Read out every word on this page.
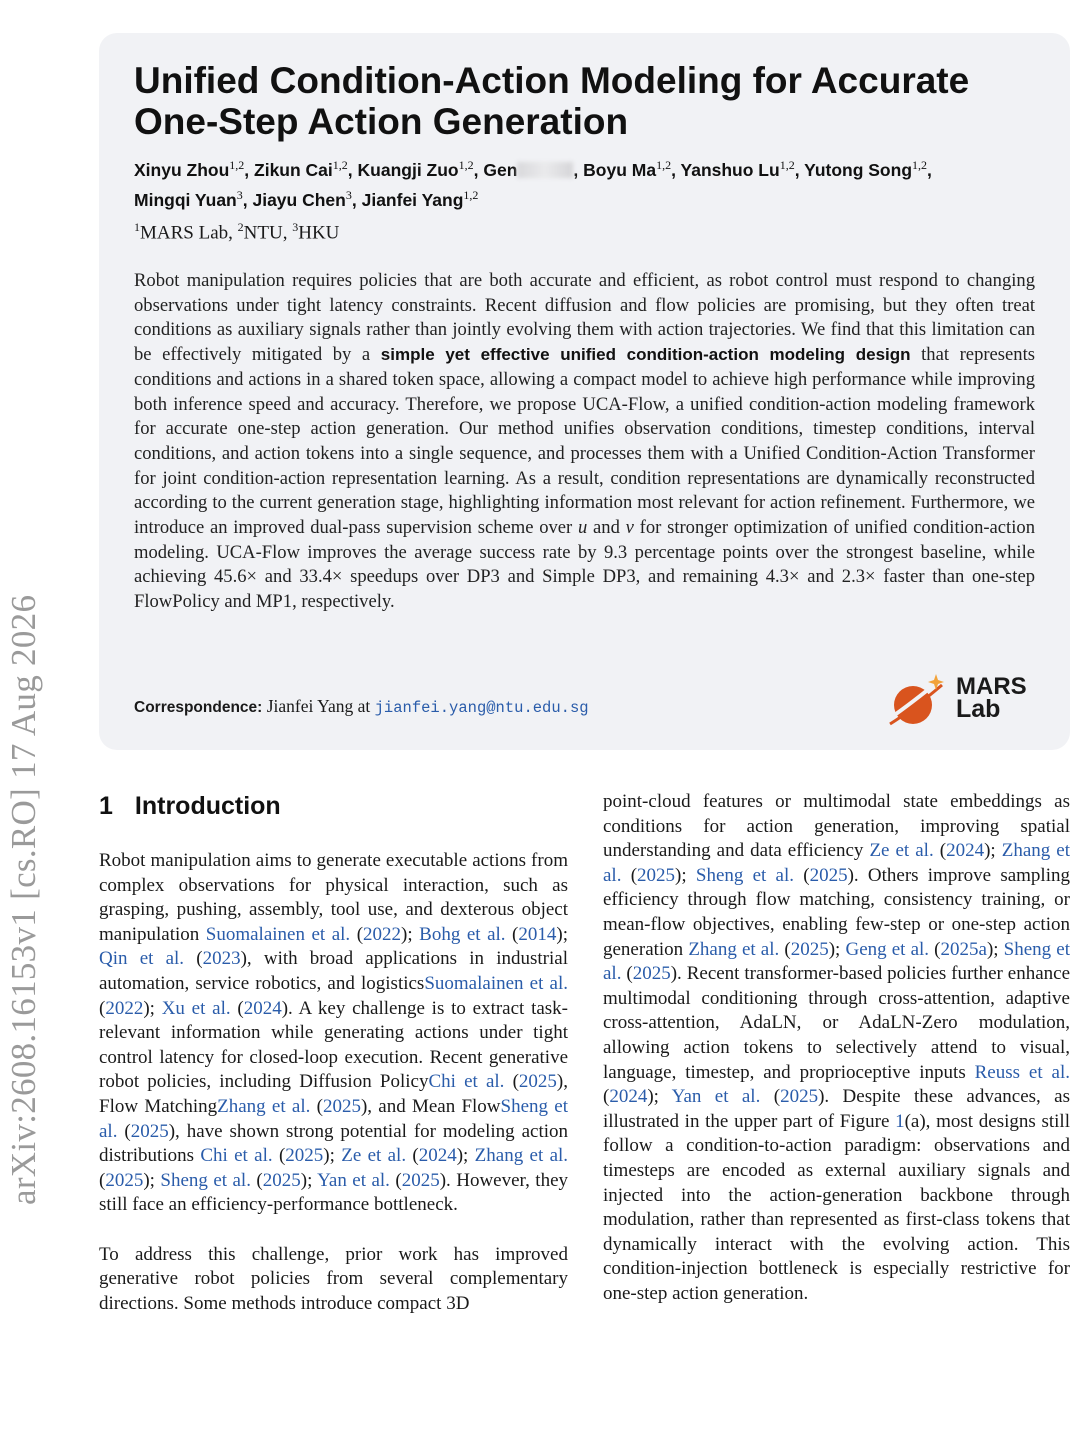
arXiv:2608.16153v1 [cs.RO] 17 Aug 2026
Unified Condition-Action Modeling for Accurate
One-Step Action Generation
Xinyu Zhou$^{1,2}$, Zikun Cai$^{1,2}$, Kuangji Zuo$^{1,2}$, Gen	, Boyu Ma$^{1,2}$, Yanshuo Lu$^{1,2}$, Yutong Song$^{1,2}$,
Mingqi Yuan$^3$, Jiayu Chen$^3$, Jianfei Yang$^{1,2}$
$^1$MARS Lab, $^2$NTU, $^3$HKU
Robot manipulation requires policies that are both accurate and efficient, as robot control must respond to changing observations under tight latency constraints. Recent diffusion and flow policies are promising, but they often treat conditions as auxiliary signals rather than jointly evolving them with action trajectories. We find that this limitation can be effectively mitigated by a simple yet effective unified condition-action modeling design that represents conditions and actions in a shared token space, allowing a compact model to achieve high performance while improving both inference speed and accuracy. Therefore, we propose UCA-Flow, a unified condition-action modeling framework for accurate one-step action generation. Our method unifies observation conditions, timestep conditions, interval conditions, and action tokens into a single sequence, and processes them with a Unified Condition-Action Transformer for joint condition-action representation learning. As a result, condition representations are dynamically reconstructed according to the current generation stage, highlighting information most relevant for action refinement. Furthermore, we introduce an improved dual-pass supervision scheme over u and v for stronger optimization of unified condition-action modeling. UCA-Flow improves the average success rate by 9.3 percentage points over the strongest baseline, while achieving 45.6× and 33.4× speedups over DP3 and Simple DP3, and remaining 4.3× and 2.3× faster than one-step FlowPolicy and MP1, respectively.
Correspondence: Jianfei Yang at jianfei.yang@ntu.edu.sg
MARS
Lab
1 Introduction

Robot manipulation aims to generate executable actions from complex observations for physical interaction, such as grasping, pushing, assembly, tool use, and dexterous object manipulation Suomalainen et al. (2022); Bohg et al. (2014); Qin et al. (2023), with broad applications in industrial automation, service robotics, and logisticsSuomalainen et al. (2022); Xu et al. (2024). A key challenge is to extract task-relevant information while generating actions under tight control latency for closed-loop execution. Recent generative robot policies, including Diffusion PolicyChi et al. (2025), Flow MatchingZhang et al. (2025), and Mean FlowSheng et al. (2025), have shown strong potential for modeling action distributions Chi et al. (2025); Ze et al. (2024); Zhang et al. (2025); Sheng et al. (2025); Yan et al. (2025). However, they still face an efficiency-performance bottleneck.

To address this challenge, prior work has improved generative robot policies from several complementary directions. Some methods introduce compact 3D

point-cloud features or multimodal state embeddings as conditions for action generation, improving spatial understanding and data efficiency Ze et al. (2024); Zhang et al. (2025); Sheng et al. (2025). Others improve sampling efficiency through flow matching, consistency training, or mean-flow objectives, enabling few-step or one-step action generation Zhang et al. (2025); Geng et al. (2025a); Sheng et al. (2025). Recent transformer-based policies further enhance multimodal conditioning through cross-attention, adaptive cross-attention, AdaLN, or AdaLN-Zero modulation, allowing action tokens to selectively attend to visual, language, timestep, and proprioceptive inputs Reuss et al. (2024); Yan et al. (2025). Despite these advances, as illustrated in the upper part of Figure 1(a), most designs still follow a condition-to-action paradigm: observations and timesteps are encoded as external auxiliary signals and injected into the action-generation backbone through modulation, rather than represented as first-class tokens that dynamically interact with the evolving action. This condition-injection bottleneck is especially restrictive for one-step action generation.
